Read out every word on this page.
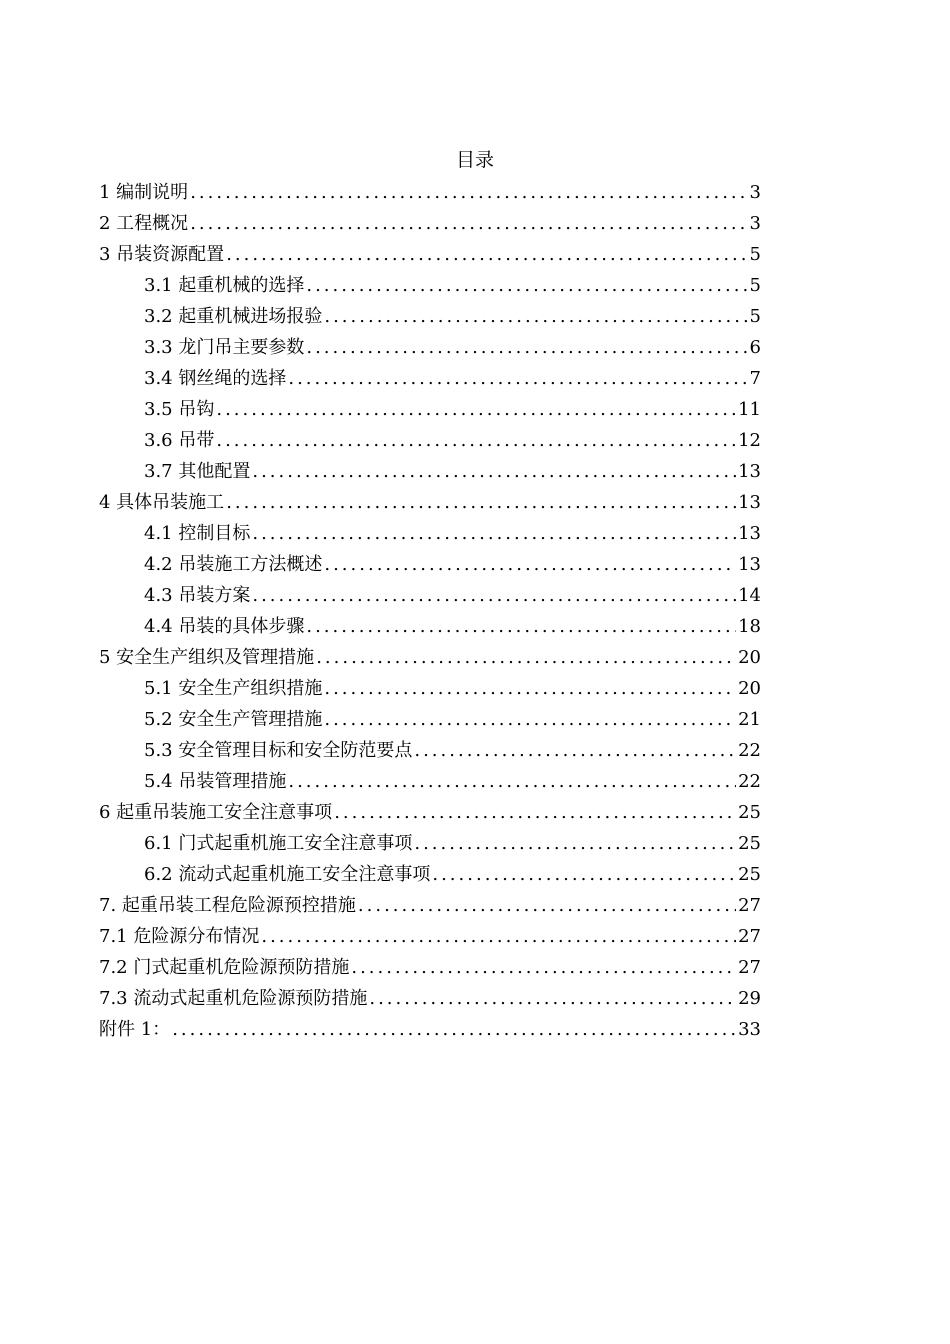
目录
1 编制说明 .....	3
2 工程概况 .....	3
3 吊装资源配置 .....	5
3.1 起重机械的选择 .....	5
3.2 起重机械进场报验 .....	5
3.3 龙门吊主要参数 .....	6
3.4 钢丝绳的选择 .....	7
3.5 吊钩 .....	11
3.6 吊带 .....	12
3.7 其他配置 .....	13
4 具体吊装施工 .....	13
4.1 控制目标 .....	13
4.2 吊装施工方法概述 .....	13
4.3 吊装方案 .....	14
4.4 吊装的具体步骤 .....	18
5 安全生产组织及管理措施 .....	20
5.1 安全生产组织措施 .....	20
5.2 安全生产管理措施 .....	21
5.3 安全管理目标和安全防范要点 .....	22
5.4 吊装管理措施 .....	22
6 起重吊装施工安全注意事项 .....	25
6.1 门式起重机施工安全注意事项 .....	25
6.2 流动式起重机施工安全注意事项 .....	25
7. 起重吊装工程危险源预控措施 .....	27
7.1 危险源分布情况 .....	27
7.2 门式起重机危险源预防措施 .....	27
7.3 流动式起重机危险源预防措施 .....	29
附件 1： .....	33
